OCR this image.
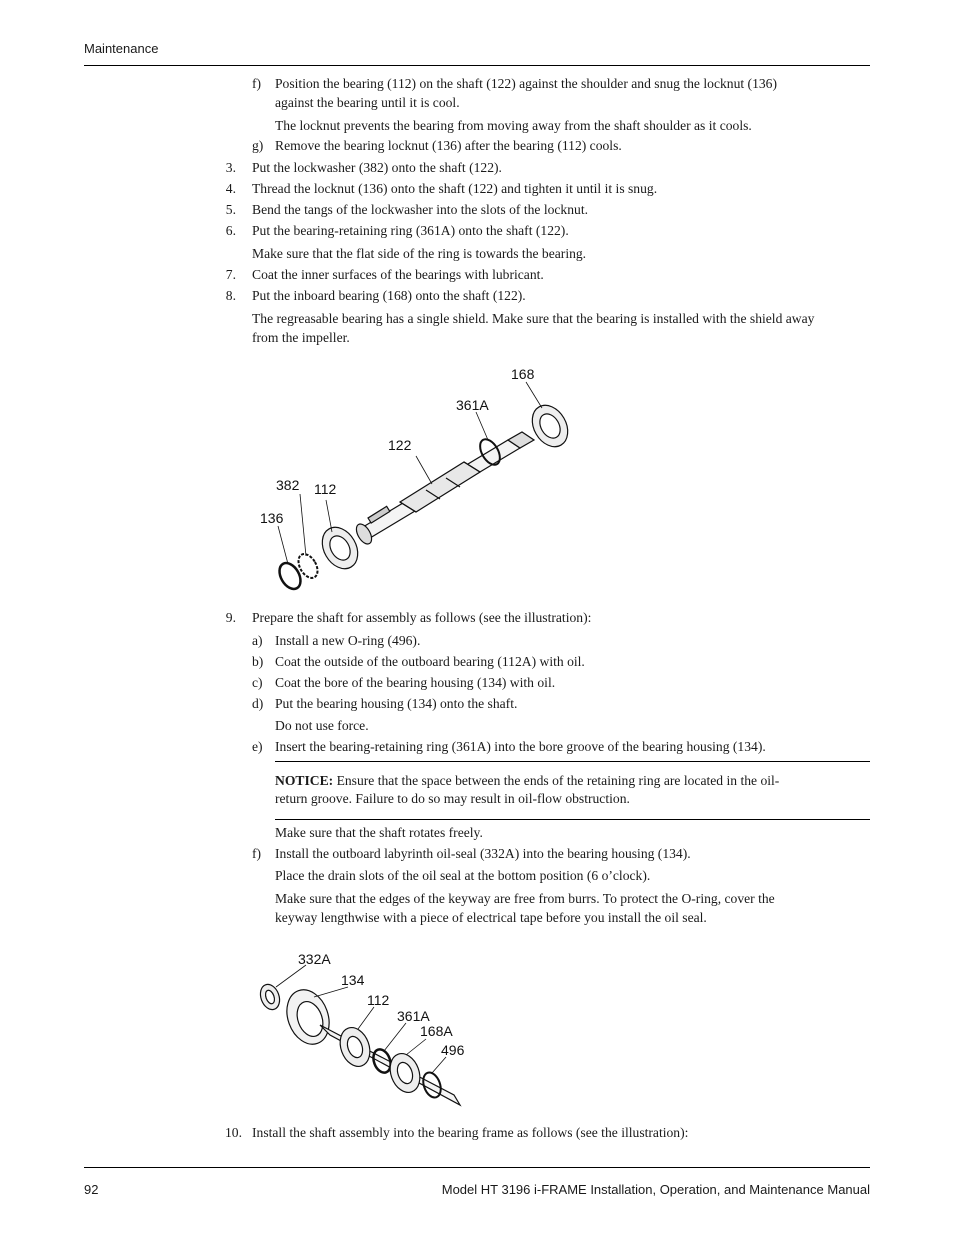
Maintenance
f) Position the bearing (112) on the shaft (122) against the shoulder and snug the locknut (136)
against the bearing until it is cool.
The locknut prevents the bearing from moving away from the shaft shoulder as it cools.
g) Remove the bearing locknut (136) after the bearing (112) cools.
3. Put the lockwasher (382) onto the shaft (122).
4. Thread the locknut (136) onto the shaft (122) and tighten it until it is snug.
5. Bend the tangs of the lockwasher into the slots of the locknut.
6. Put the bearing-retaining ring (361A) onto the shaft (122).
Make sure that the flat side of the ring is towards the bearing.
7. Coat the inner surfaces of the bearings with lubricant.
8. Put the inboard bearing (168) onto the shaft (122).
The regreasable bearing has a single shield. Make sure that the bearing is installed with the shield away
from the impeller.
168
361A
122
382 112
136
9. Prepare the shaft for assembly as follows (see the illustration):
a) Install a new O-ring (496).
b) Coat the outside of the outboard bearing (112A) with oil.
c) Coat the bore of the bearing housing (134) with oil.
d) Put the bearing housing (134) onto the shaft.
Do not use force.
e) Insert the bearing-retaining ring (361A) into the bore groove of the bearing housing (134).
NOTICE: Ensure that the space between the ends of the retaining ring are located in the oil-
return groove. Failure to do so may result in oil-flow obstruction.
Make sure that the shaft rotates freely.
f) Install the outboard labyrinth oil-seal (332A) into the bearing housing (134).
Place the drain slots of the oil seal at the bottom position (6 o’clock).
Make sure that the edges of the keyway are free from burrs. To protect the O-ring, cover the
keyway lengthwise with a piece of electrical tape before you install the oil seal.
332A
134
112
361A
168A
496
10. Install the shaft assembly into the bearing frame as follows (see the illustration):
92	Model HT 3196 i-FRAME Installation, Operation, and Maintenance Manual
